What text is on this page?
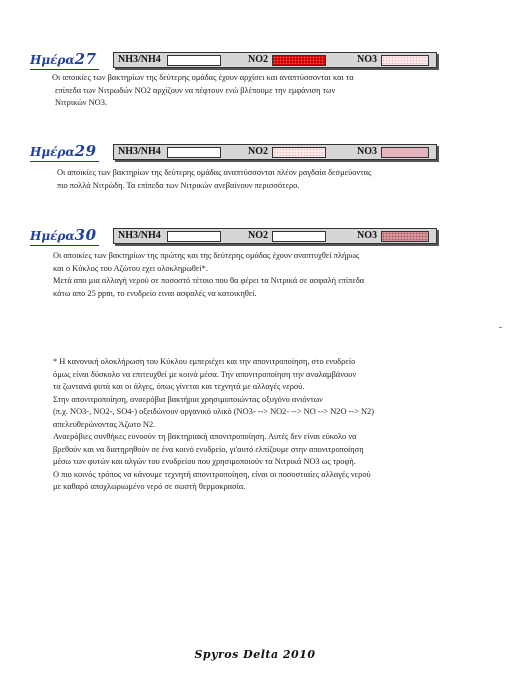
Ημέρα27 NH3/NH4	NO2	NO3
Οι αποικίες των βακτηρίων της δεύτερης ομάδας έχουν αρχίσει και αναπτύσσονται και τα
επίπεδα των Νιτρωδών NO2 αρχίζουν να πέφτουν ενώ βλέπουμε την εμφάνιση των
Νιτρικών NO3.
Ημέρα29 NH3/NH4	NO2	NO3
Οι αποικίες των βακτηρίων της δεύτερης ομάδας αναπτύσσονται πλέον ραγδαία δεσμεύοντας
πιο πολλά Νιτρώδη. Τα επίπεδα των Νιτρικών ανεβαίνουν περισσότερο.
Ημέρα30 NH3/NH4	NO2	NO3
Οι αποικίες των βακτηρίων της πρώτης και της δεύτερης ομάδας έχουν αναπτυχθεί πλήρως
και ο Κύκλος του Αζώτου εχει ολοκληρωθεί*.
Μετά απο μια αλλαγή νερού σε ποσοστό τέτοιο που θα φέρει τα Νιτρικά σε ασφαλή επίπεδα
κάτω απο 25 ppm, το ενυδρείο ειναι ασφαλές να κατοικηθεί.
* Η κανονική ολοκλήρωση του Κύκλου εμπεριέχει και την απονιτροποίηση, στο ενυδρείο
όμως είναι δύσκολο να επιτευχθεί με κοινά μέσα. Την απονιτροποίηση την αναλαμβάνουν
τα ζωντανά φυτά και οι άλγες, όπως γίνεται και τεχνητά με αλλαγές νερού.
Στην απονιτροποίηση, αναερόβια βακτήρια χρησιμοποιώντας οξυγόνο ανιόντων
(π.χ. NO3-, NO2-, SO4-) οξειδώνουν οργανικό υλικό (NO3- --> NO2- --> NO --> N2O --> N2)
απελευθερώνοντας Άζωτο N2.
Αναερόβιες συνθήκες ευνοούν τη βακτηριακή απονιτροποίηση. Αυτές δεν είναι εύκολο να
βρεθούν και να διατηρηθούν σε ένα κοινό ενυδρείο, γι'αυτό ελπίζουμε στην απονιτροποίηση
μέσω των φυτών και αλγών του ενυδρείου που χρησιμοποιούν τα Νιτρικά NO3 ως τροφή.
Ο πιο κοινός τρόπος να κάνουμε τεχνητή απονιτροποίηση, είναι οι ποσοστιαίες αλλαγές νερού
με καθαρό αποχλωριωμένο νερό σε σωστή θερμοκρασία.
Spyros Delta 2010
